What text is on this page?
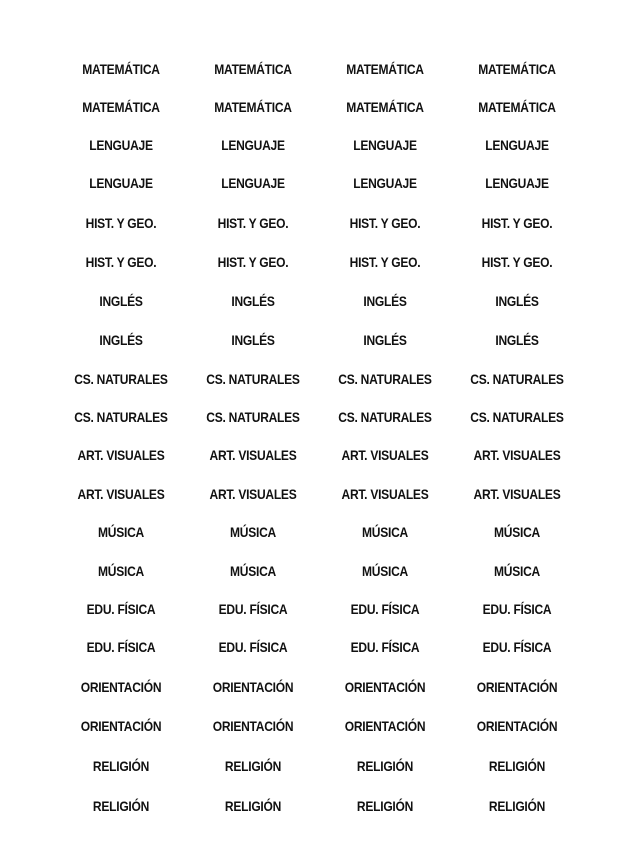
MATEMÁTICA	MATEMÁTICA	MATEMÁTICA	MATEMÁTICA
MATEMÁTICA	MATEMÁTICA	MATEMÁTICA	MATEMÁTICA
LENGUAJE	LENGUAJE	LENGUAJE	LENGUAJE
LENGUAJE	LENGUAJE	LENGUAJE	LENGUAJE
HIST. Y GEO.	HIST. Y GEO.	HIST. Y GEO.	HIST. Y GEO.
HIST. Y GEO.	HIST. Y GEO.	HIST. Y GEO.	HIST. Y GEO.
INGLÉS	INGLÉS	INGLÉS	INGLÉS
INGLÉS	INGLÉS	INGLÉS	INGLÉS
CS. NATURALES	CS. NATURALES	CS. NATURALES	CS. NATURALES
CS. NATURALES	CS. NATURALES	CS. NATURALES	CS. NATURALES
ART. VISUALES	ART. VISUALES	ART. VISUALES	ART. VISUALES
ART. VISUALES	ART. VISUALES	ART. VISUALES	ART. VISUALES
MÚSICA	MÚSICA	MÚSICA	MÚSICA
MÚSICA	MÚSICA	MÚSICA	MÚSICA
EDU. FÍSICA	EDU. FÍSICA	EDU. FÍSICA	EDU. FÍSICA
EDU. FÍSICA	EDU. FÍSICA	EDU. FÍSICA	EDU. FÍSICA
ORIENTACIÓN	ORIENTACIÓN	ORIENTACIÓN	ORIENTACIÓN
ORIENTACIÓN	ORIENTACIÓN	ORIENTACIÓN	ORIENTACIÓN
RELIGIÓN	RELIGIÓN	RELIGIÓN	RELIGIÓN
RELIGIÓN	RELIGIÓN	RELIGIÓN	RELIGIÓN
